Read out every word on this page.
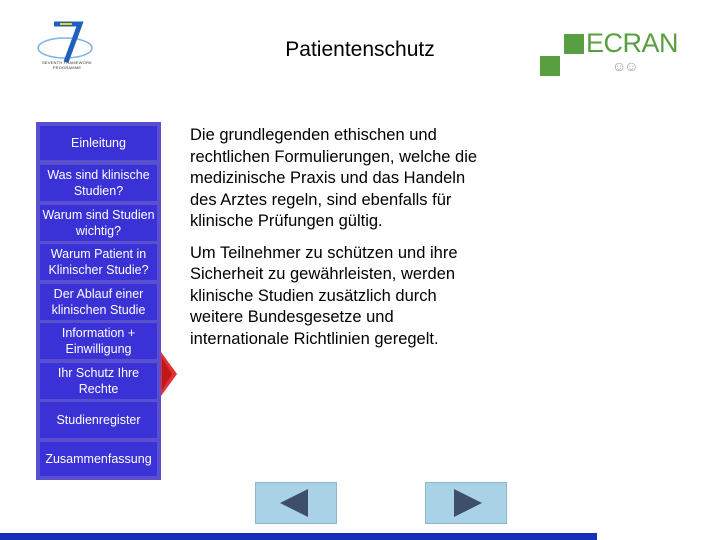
SEVENTH FRAMEWORK PROGRAMME
Patientenschutz	ECRAN
☺☺
Einleitung
Was sind klinische Studien?
Warum sind Studien wichtig?
Warum Patient in Klinischer Studie?
Der Ablauf einer klinischen Studie
Information + Einwilligung
Ihr Schutz Ihre Rechte
Studienregister
Zusammenfassung

Die grundlegenden ethischen und rechtlichen Formulierungen, welche die medizinische Praxis und das Handeln des Arztes regeln, sind ebenfalls für klinische Prüfungen gültig.

Um Teilnehmer zu schützen und ihre Sicherheit zu gewährleisten, werden klinische Studien zusätzlich durch weitere Bundesgesetze und internationale Richtlinien geregelt.
